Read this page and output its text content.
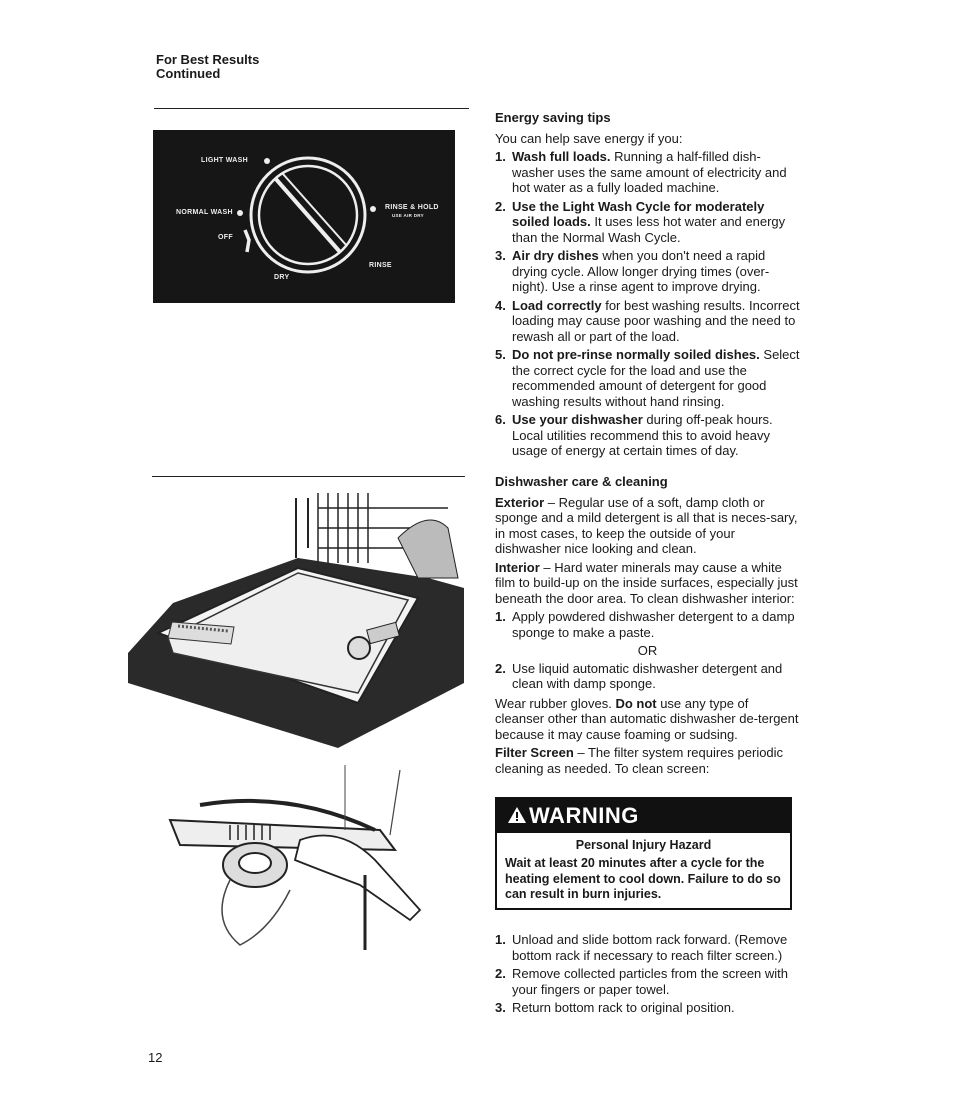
For Best Results
Continued
LIGHT WASH
NORMAL WASH
OFF
RINSE & HOLD
USE AIR DRY
DRY
RINSE
Energy saving tips

You can help save energy if you:

1. Wash full loads. Running a half-filled dish-washer uses the same amount of electricity and hot water as a fully loaded machine.
2. Use the Light Wash Cycle for moderately soiled loads. It uses less hot water and energy than the Normal Wash Cycle.
3. Air dry dishes when you don't need a rapid drying cycle. Allow longer drying times (over-night). Use a rinse agent to improve drying.
4. Load correctly for best washing results. Incorrect loading may cause poor washing and the need to rewash all or part of the load.
5. Do not pre-rinse normally soiled dishes. Select the correct cycle for the load and use the recommended amount of detergent for good washing results without hand rinsing.
6. Use your dishwasher during off-peak hours. Local utilities recommend this to avoid heavy usage of energy at certain times of day.
Dishwasher care & cleaning

Exterior – Regular use of a soft, damp cloth or sponge and a mild detergent is all that is neces-sary, in most cases, to keep the outside of your dishwasher nice looking and clean.

Interior – Hard water minerals may cause a white film to build-up on the inside surfaces, especially just beneath the door area. To clean dishwasher interior:

1. Apply powdered dishwasher detergent to a damp sponge to make a paste.
OR
2. Use liquid automatic dishwasher detergent and clean with damp sponge.

Wear rubber gloves. Do not use any type of cleanser other than automatic dishwasher de-tergent because it may cause foaming or sudsing.

Filter Screen – The filter system requires periodic cleaning as needed. To clean screen:

WARNING
Personal Injury Hazard
Wait at least 20 minutes after a cycle for the heating element to cool down. Failure to do so can result in burn injuries.
1. Unload and slide bottom rack forward. (Remove bottom rack if necessary to reach filter screen.)
2. Remove collected particles from the screen with your fingers or paper towel.
3. Return bottom rack to original position.
12
